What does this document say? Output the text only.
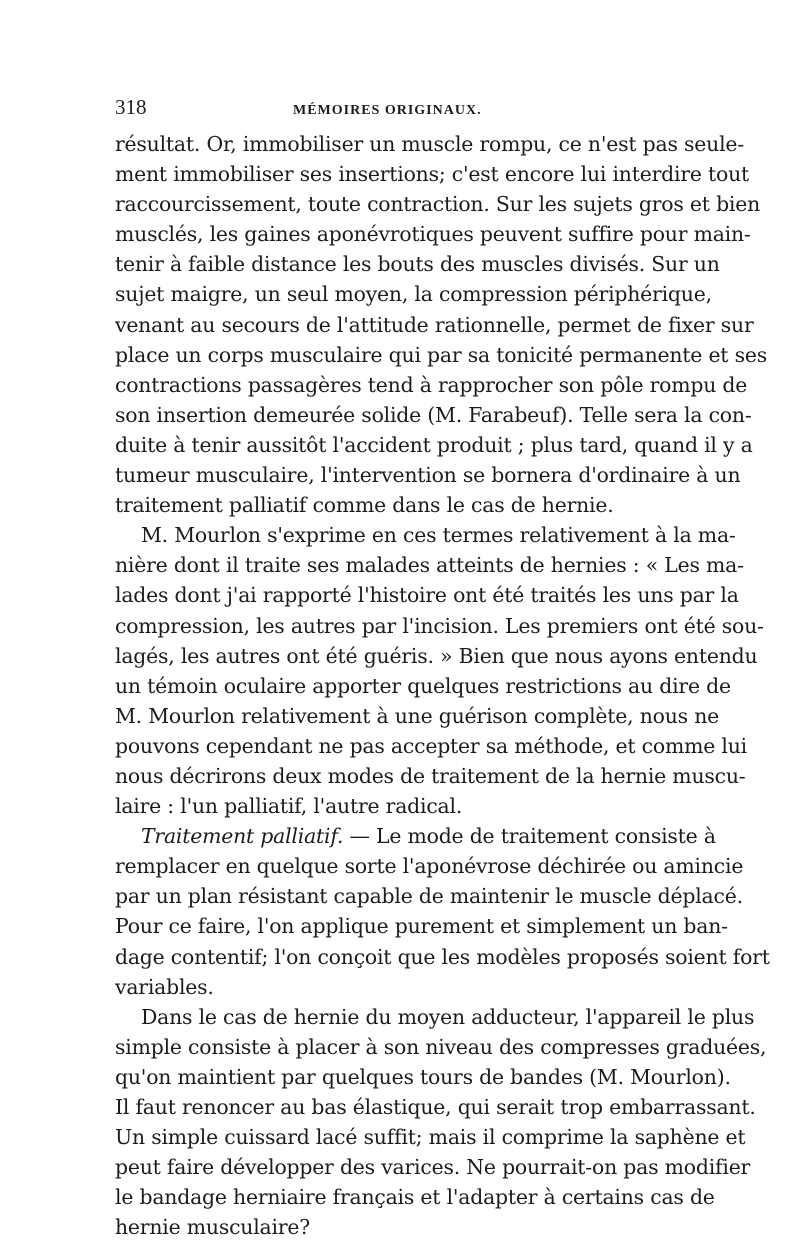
318	MÉMOIRES ORIGINAUX.
résultat. Or, immobiliser un muscle rompu, ce n'est pas seule-
ment immobiliser ses insertions; c'est encore lui interdire tout
raccourcissement, toute contraction. Sur les sujets gros et bien
musclés, les gaines aponévrotiques peuvent suffire pour main-
tenir à faible distance les bouts des muscles divisés. Sur un
sujet maigre, un seul moyen, la compression périphérique,
venant au secours de l'attitude rationnelle, permet de fixer sur
place un corps musculaire qui par sa tonicité permanente et ses
contractions passagères tend à rapprocher son pôle rompu de
son insertion demeurée solide (M. Farabeuf). Telle sera la con-
duite à tenir aussitôt l'accident produit ; plus tard, quand il y a
tumeur musculaire, l'intervention se bornera d'ordinaire à un
traitement palliatif comme dans le cas de hernie.
M. Mourlon s'exprime en ces termes relativement à la ma-
nière dont il traite ses malades atteints de hernies : « Les ma-
lades dont j'ai rapporté l'histoire ont été traités les uns par la
compression, les autres par l'incision. Les premiers ont été sou-
lagés, les autres ont été guéris. » Bien que nous ayons entendu
un témoin oculaire apporter quelques restrictions au dire de
M. Mourlon relativement à une guérison complète, nous ne
pouvons cependant ne pas accepter sa méthode, et comme lui
nous décrirons deux modes de traitement de la hernie muscu-
laire : l'un palliatif, l'autre radical.
Traitement palliatif. — Le mode de traitement consiste à
remplacer en quelque sorte l'aponévrose déchirée ou amincie
par un plan résistant capable de maintenir le muscle déplacé.
Pour ce faire, l'on applique purement et simplement un ban-
dage contentif; l'on conçoit que les modèles proposés soient fort
variables.
Dans le cas de hernie du moyen adducteur, l'appareil le plus
simple consiste à placer à son niveau des compresses graduées,
qu'on maintient par quelques tours de bandes (M. Mourlon).
Il faut renoncer au bas élastique, qui serait trop embarrassant.
Un simple cuissard lacé suffit; mais il comprime la saphène et
peut faire développer des varices. Ne pourrait-on pas modifier
le bandage herniaire français et l'adapter à certains cas de
hernie musculaire?
